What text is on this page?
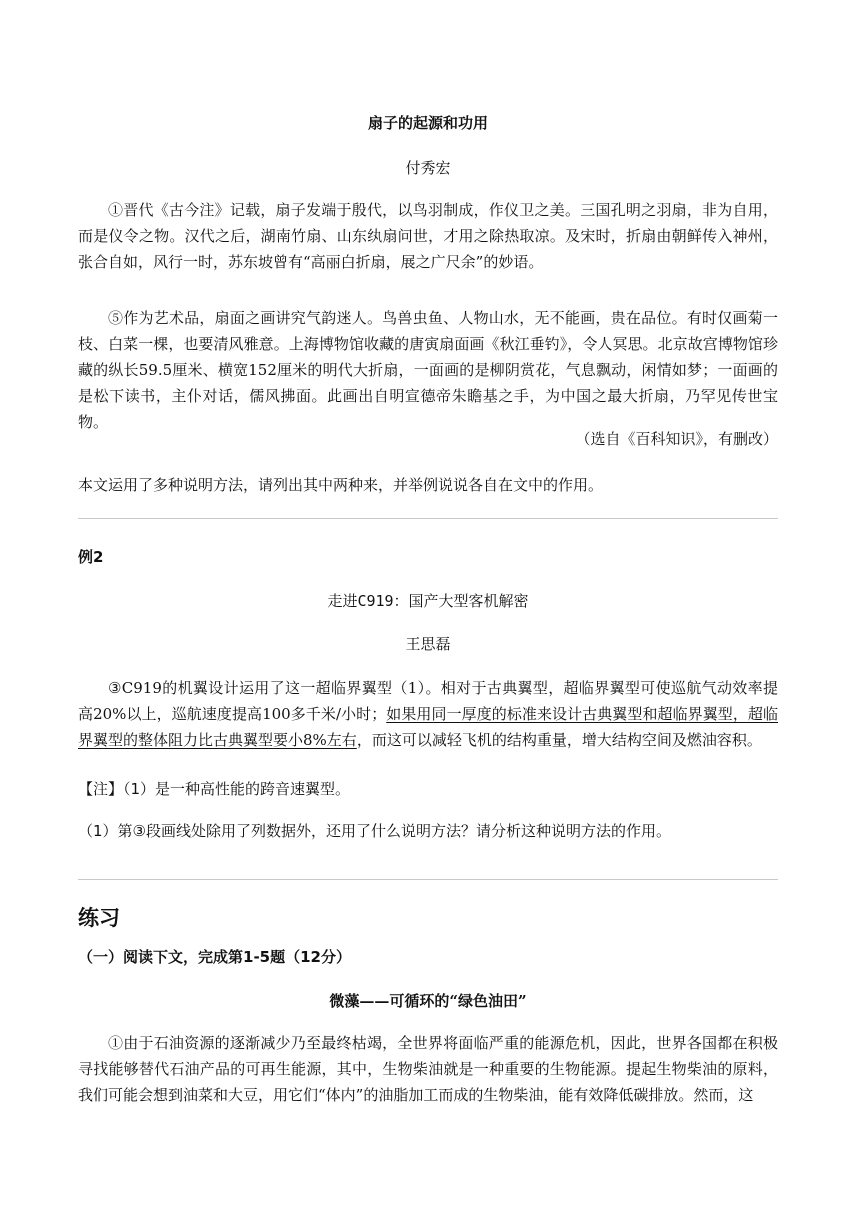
扇子的起源和功用
付秀宏
①晋代《古今注》记载，扇子发端于殷代，以鸟羽制成，作仪卫之美。三国孔明之羽扇，非为自用，而是仪令之物。汉代之后，湖南竹扇、山东纨扇问世，才用之除热取凉。及宋时，折扇由朝鲜传入神州，张合自如，风行一时，苏东坡曾有“高丽白折扇，展之广尺余”的妙语。
⑤作为艺术品，扇面之画讲究气韵迷人。鸟兽虫鱼、人物山水，无不能画，贵在品位。有时仅画菊一枝、白菜一棵，也要清风雅意。上海博物馆收藏的唐寅扇面画《秋江垂钓》，令人冥思。北京故宫博物馆珍藏的纵长59.5厘米、横宽152厘米的明代大折扇，一面画的是柳阴赏花，气息飘动，闲情如梦；一面画的是松下读书，主仆对话，儒风拂面。此画出自明宣德帝朱瞻基之手，为中国之最大折扇，乃罕见传世宝物。
（选自《百科知识》，有删改）
本文运用了多种说明方法，请列出其中两种来，并举例说说各自在文中的作用。
例2
走进C919：国产大型客机解密
王思磊
③C919的机翼设计运用了这一超临界翼型（1）。相对于古典翼型，超临界翼型可使巡航气动效率提高20%以上，巡航速度提高100多千米/小时；如果用同一厚度的标准来设计古典翼型和超临界翼型，超临界翼型的整体阻力比古典翼型要小8%左右，而这可以减轻飞机的结构重量，增大结构空间及燃油容积。
【注】（1）是一种高性能的跨音速翼型。
（1）第③段画线处除用了列数据外，还用了什么说明方法？请分析这种说明方法的作用。
练习
（一）阅读下文，完成第1-5题（12分）
微藻——可循环的“绿色油田”
①由于石油资源的逐渐减少乃至最终枯竭，全世界将面临严重的能源危机，因此，世界各国都在积极寻找能够替代石油产品的可再生能源，其中，生物柴油就是一种重要的生物能源。提起生物柴油的原料，我们可能会想到油菜和大豆，用它们“体内”的油脂加工而成的生物柴油，能有效降低碳排放。然而，这
